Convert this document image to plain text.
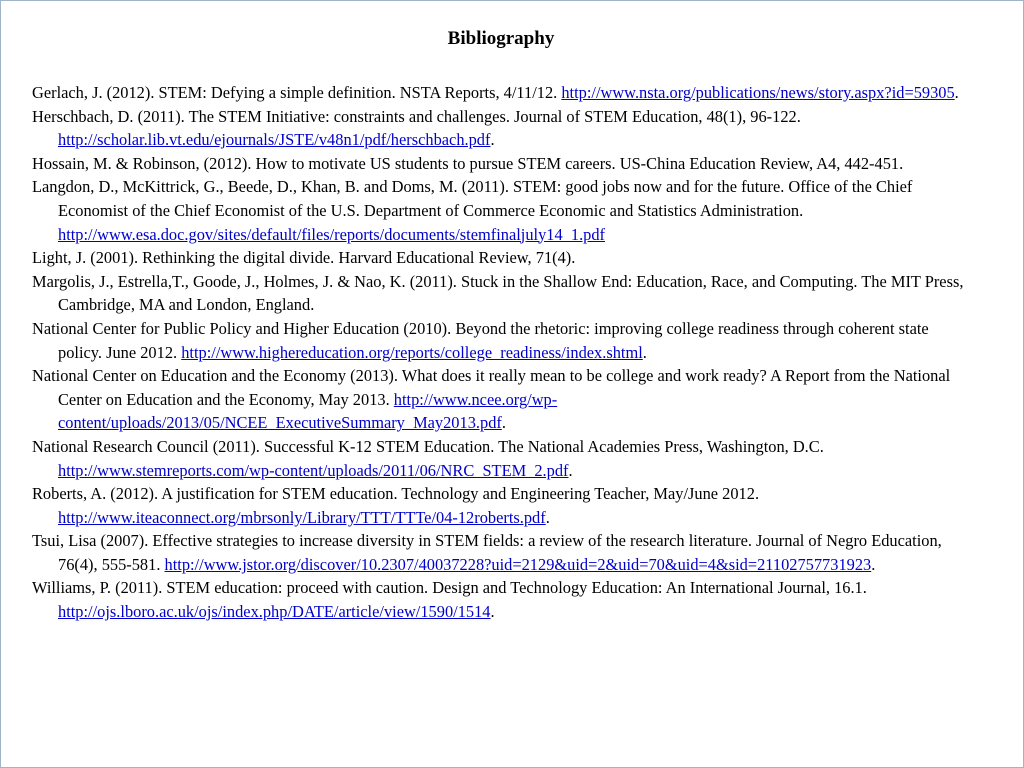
Bibliography

Gerlach, J. (2012). STEM: Defying a simple definition. NSTA Reports, 4/11/12. http://www.nsta.org/publications/news/story.aspx?id=59305.

Herschbach, D. (2011). The STEM Initiative: constraints and challenges. Journal of STEM Education, 48(1), 96-122. http://scholar.lib.vt.edu/ejournals/JSTE/v48n1/pdf/herschbach.pdf.

Hossain, M. & Robinson, (2012). How to motivate US students to pursue STEM careers. US-China Education Review, A4, 442-451.

Langdon, D., McKittrick, G., Beede, D., Khan, B. and Doms, M. (2011). STEM: good jobs now and for the future. Office of the Chief Economist of the Chief Economist of the U.S. Department of Commerce Economic and Statistics Administration. http://www.esa.doc.gov/sites/default/files/reports/documents/stemfinaljuly14_1.pdf

Light, J. (2001). Rethinking the digital divide. Harvard Educational Review, 71(4).

Margolis, J., Estrella,T., Goode, J., Holmes, J. & Nao, K. (2011). Stuck in the Shallow End: Education, Race, and Computing. The MIT Press, Cambridge, MA and London, England.

National Center for Public Policy and Higher Education (2010). Beyond the rhetoric: improving college readiness through coherent state policy. June 2012. http://www.highereducation.org/reports/college_readiness/index.shtml.

National Center on Education and the Economy (2013). What does it really mean to be college and work ready? A Report from the National Center on Education and the Economy, May 2013. http://www.ncee.org/wp-content/uploads/2013/05/NCEE_ExecutiveSummary_May2013.pdf.

National Research Council (2011). Successful K-12 STEM Education. The National Academies Press, Washington, D.C. http://www.stemreports.com/wp-content/uploads/2011/06/NRC_STEM_2.pdf.

Roberts, A. (2012). A justification for STEM education. Technology and Engineering Teacher, May/June 2012. http://www.iteaconnect.org/mbrsonly/Library/TTT/TTTe/04-12roberts.pdf.

Tsui, Lisa (2007). Effective strategies to increase diversity in STEM fields: a review of the research literature. Journal of Negro Education, 76(4), 555-581. http://www.jstor.org/discover/10.2307/40037228?uid=2129&uid=2&uid=70&uid=4&sid=21102757731923.

Williams, P. (2011). STEM education: proceed with caution. Design and Technology Education: An International Journal, 16.1. http://ojs.lboro.ac.uk/ojs/index.php/DATE/article/view/1590/1514.
